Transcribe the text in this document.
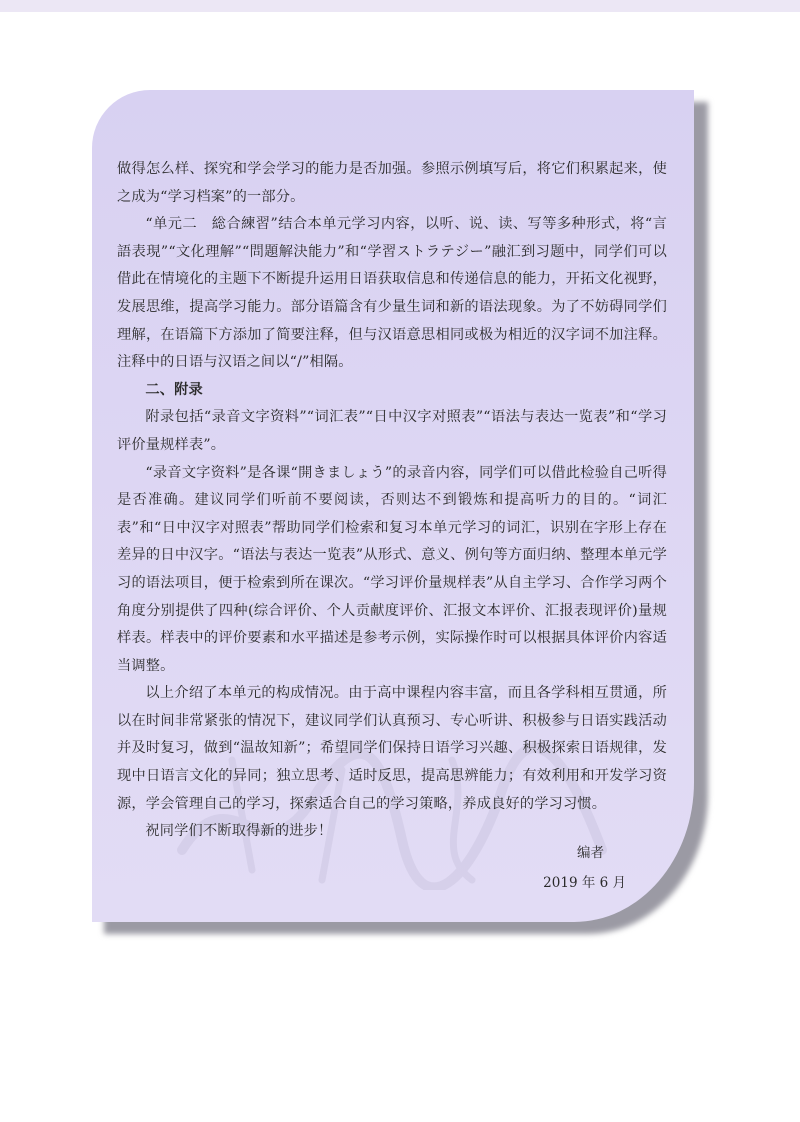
做得怎么样、探究和学会学习的能力是否加强。参照示例填写后，将它们积累起来，使之成为“学习档案”的一部分。

“单元二　総合練習”结合本单元学习内容，以听、说、读、写等多种形式，将“言語表現”“文化理解”“問題解決能力”和“学習ストラテジー”融汇到习题中，同学们可以借此在情境化的主题下不断提升运用日语获取信息和传递信息的能力，开拓文化视野，发展思维，提高学习能力。部分语篇含有少量生词和新的语法现象。为了不妨碍同学们理解，在语篇下方添加了简要注释，但与汉语意思相同或极为相近的汉字词不加注释。注释中的日语与汉语之间以“/”相隔。

二、附录

附录包括“录音文字资料”“词汇表”“日中汉字对照表”“语法与表达一览表”和“学习评价量规样表”。

“录音文字资料”是各课“開きましょう”的录音内容，同学们可以借此检验自己听得是否准确。建议同学们听前不要阅读，否则达不到锻炼和提高听力的目的。“词汇表”和“日中汉字对照表”帮助同学们检索和复习本单元学习的词汇，识别在字形上存在差异的日中汉字。“语法与表达一览表”从形式、意义、例句等方面归纳、整理本单元学习的语法项目，便于检索到所在课次。“学习评价量规样表”从自主学习、合作学习两个角度分别提供了四种(综合评价、个人贡献度评价、汇报文本评价、汇报表现评价)量规样表。样表中的评价要素和水平描述是参考示例，实际操作时可以根据具体评价内容适当调整。

以上介绍了本单元的构成情况。由于高中课程内容丰富，而且各学科相互贯通，所以在时间非常紧张的情况下，建议同学们认真预习、专心听讲、积极参与日语实践活动并及时复习，做到“温故知新”；希望同学们保持日语学习兴趣、积极探索日语规律，发现中日语言文化的异同；独立思考、适时反思，提高思辨能力；有效利用和开发学习资源，学会管理自己的学习，探索适合自己的学习策略，养成良好的学习习惯。

祝同学们不断取得新的进步！

编者
2019 年 6 月
